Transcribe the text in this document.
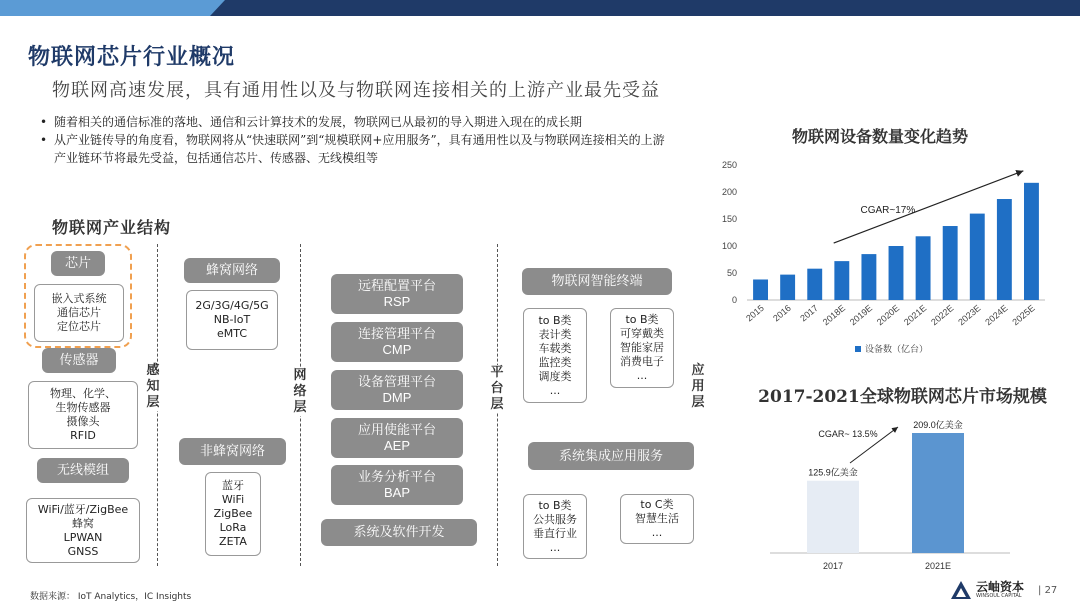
物联网芯片行业概况
物联网高速发展，具有通用性以及与物联网连接相关的上游产业最先受益
• 随着相关的通信标准的落地、通信和云计算技术的发展，物联网已从最初的导入期进入现在的成长期
• 从产业链传导的角度看，物联网将从“快速联网”到“规模联网+应用服务”，具有通用性以及与物联网连接相关的上游产业链环节将最先受益，包括通信芯片、传感器、无线模组等
物联网产业结构
芯片
嵌入式系统
通信芯片
定位芯片
传感器
物理、化学、
生物传感器
摄像头
RFID
无线模组
WiFi/蓝牙/ZigBee
蜂窝
LPWAN
GNSS
感
知
层
蜂窝网络
2G/3G/4G/5G
NB-IoT
eMTC
非蜂窝网络
蓝牙
WiFi
ZigBee
LoRa
ZETA
网
络
层
远程配置平台
RSP
连接管理平台
CMP
设备管理平台
DMP
应用使能平台
AEP
业务分析平台
BAP
系统及软件开发
平
台
层
物联网智能终端
to B类
表计类
车载类
监控类
调度类
...
to B类
可穿戴类
智能家居
消费电子
...
系统集成应用服务
to B类
公共服务
垂直行业
...
to C类
智慧生活
...
应
用
层
物联网设备数量变化趋势
0
50
100
150
200
250
2015 2016 2017 2018E 2019E 2020E 2021E 2022E 2023E 2024E 2025E
CGAR~17%
设备数（亿台）
2017-2021全球物联网芯片市场规模
125.9亿美金
2017
209.0亿美金
2021E
CGAR~ 13.5%
数据来源： IoT Analytics，IC Insights
云岫资本
WINSOUL CAPITAL | 27
